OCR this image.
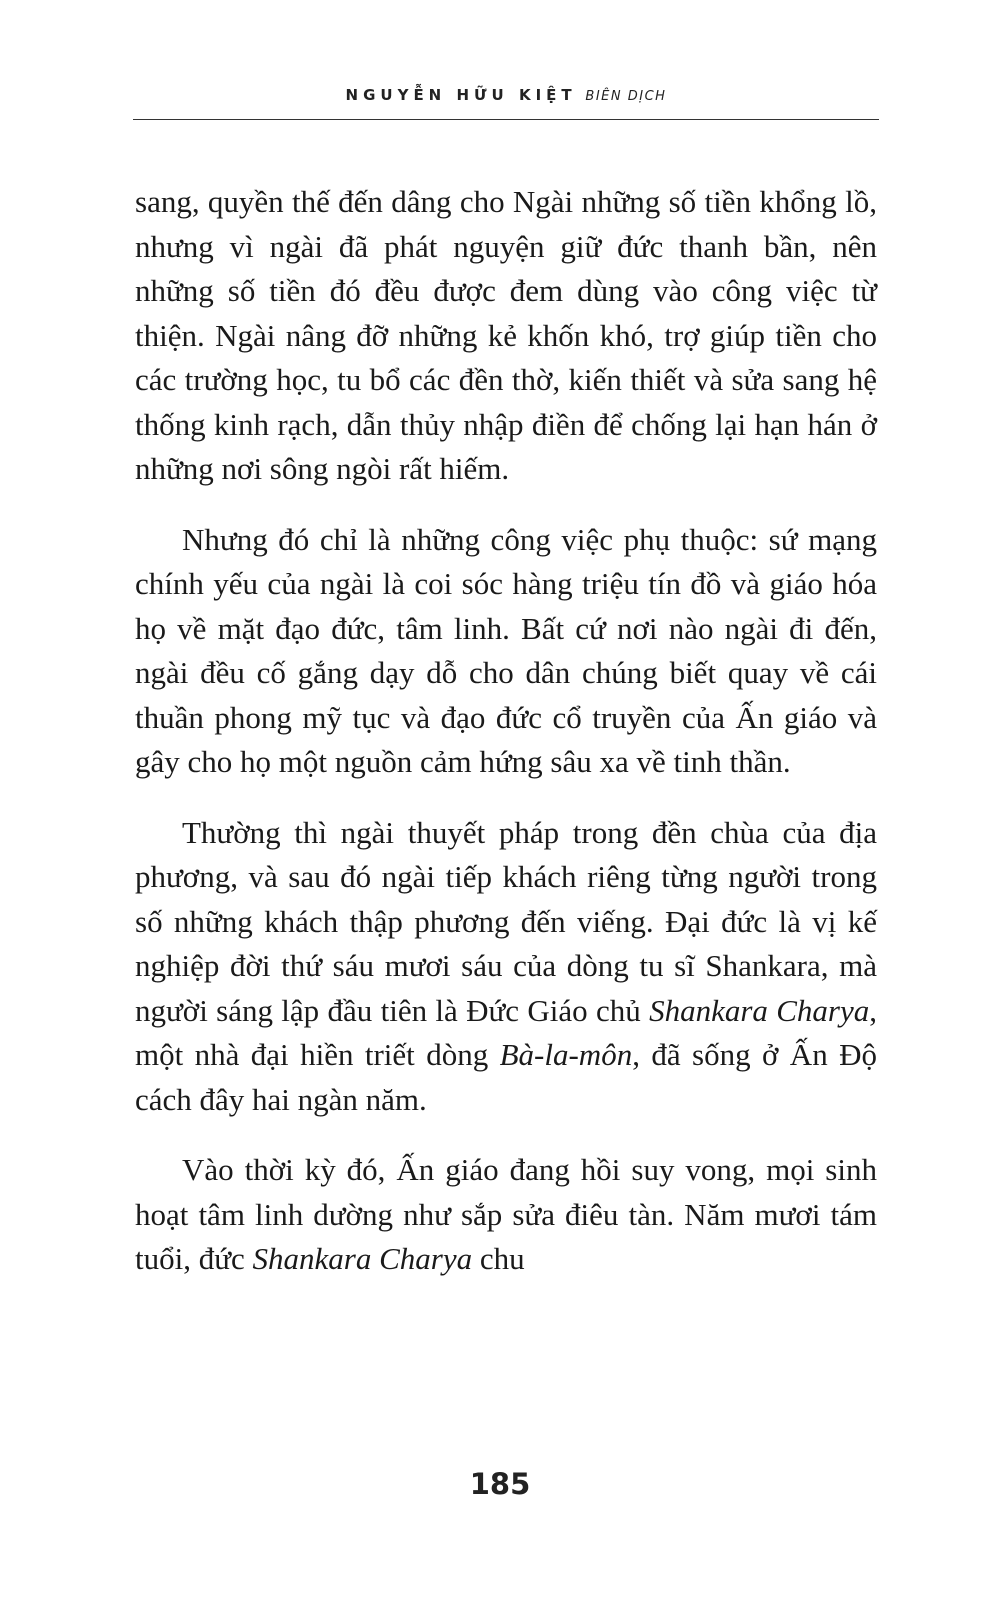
NGUYỄN HỮU KIỆT BIÊN DỊCH

sang, quyền thế đến dâng cho Ngài những số tiền khổng lồ, nhưng vì ngài đã phát nguyện giữ đức thanh bần, nên những số tiền đó đều được đem dùng vào công việc từ thiện. Ngài nâng đỡ những kẻ khốn khó, trợ giúp tiền cho các trường học, tu bổ các đền thờ, kiến thiết và sửa sang hệ thống kinh rạch, dẫn thủy nhập điền để chống lại hạn hán ở những nơi sông ngòi rất hiếm.

Nhưng đó chỉ là những công việc phụ thuộc: sứ mạng chính yếu của ngài là coi sóc hàng triệu tín đồ và giáo hóa họ về mặt đạo đức, tâm linh. Bất cứ nơi nào ngài đi đến, ngài đều cố gắng dạy dỗ cho dân chúng biết quay về cái thuần phong mỹ tục và đạo đức cổ truyền của Ấn giáo và gây cho họ một nguồn cảm hứng sâu xa về tinh thần.

Thường thì ngài thuyết pháp trong đền chùa của địa phương, và sau đó ngài tiếp khách riêng từng người trong số những khách thập phương đến viếng. Đại đức là vị kế nghiệp đời thứ sáu mươi sáu của dòng tu sĩ Shankara, mà người sáng lập đầu tiên là Đức Giáo chủ Shankara Charya, một nhà đại hiền triết dòng Bà-la-môn, đã sống ở Ấn Độ cách đây hai ngàn năm.

Vào thời kỳ đó, Ấn giáo đang hồi suy vong, mọi sinh hoạt tâm linh dường như sắp sửa điêu tàn. Năm mươi tám tuổi, đức Shankara Charya chu

185
